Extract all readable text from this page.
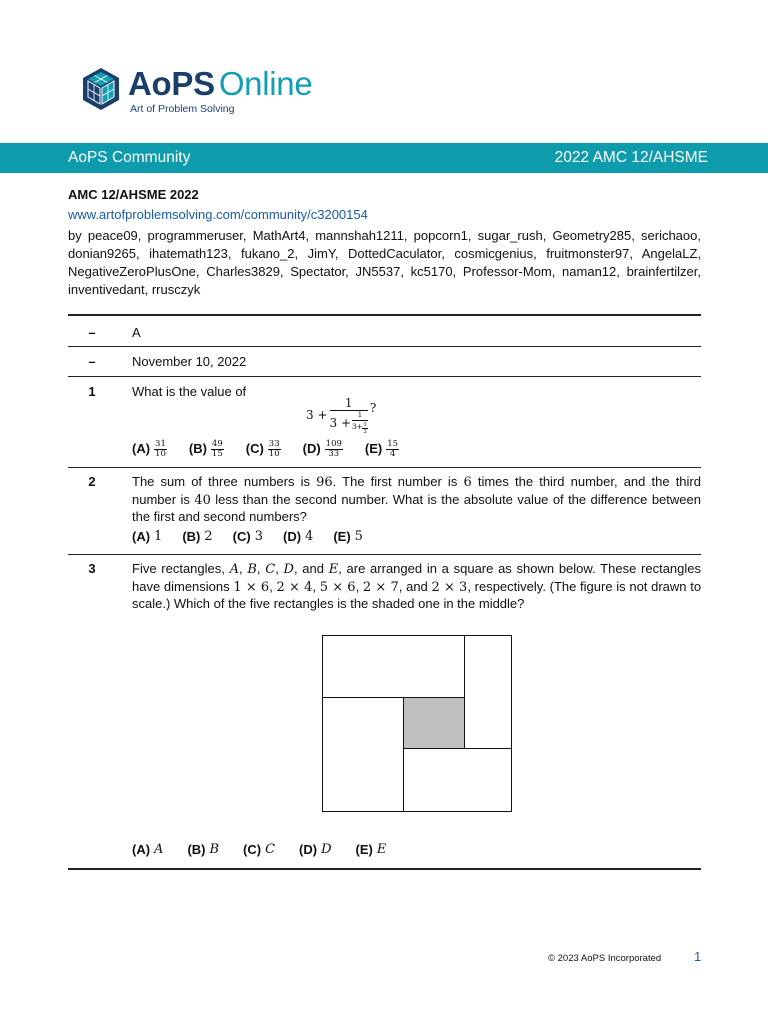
AoPS Online
Art of Problem Solving
AoPS Community	2022 AMC 12/AHSME
AMC 12/AHSME 2022
www.artofproblemsolving.com/community/c3200154
by peace09, programmeruser, MathArt4, mannshah1211, popcorn1, sugar_rush, Geometry285, serichaoo, donian9265, ihatemath123, fukano_2, JimY, DottedCaculator, cosmicgenius, fruitmonster97, AngelaLZ, NegativeZeroPlusOne, Charles3829, Spectator, JN5537, kc5170, Professor-Mom, naman12, brainfertilzer, inventivedant, rrusczyk
–	A
–	November 10, 2022
1	What is the value of
$3 + \frac{1}{3 + \frac{1}{3+ \frac{1}{3}}}$ ?
$(A) \frac{31}{10} (B) \frac{49}{15} (C) \frac{33}{10} (D) \frac{109}{33} (E) \frac{15}{4}$
2	The sum of three numbers is 96. The first number is 6 times the third number, and the third number is 40 less than the second number. What is the absolute value of the difference between the first and second numbers?
(A) 1 (B) 2 (C) 3 (D) 4 (E) 5
3	Five rectangles, A, B, C, D, and E, are arranged in a square as shown below. These rectangles have dimensions 1 × 6, 2 × 4, 5 × 6, 2 × 7, and 2 × 3, respectively. (The figure is not drawn to scale.) Which of the five rectangles is the shaded one in the middle?
(A) A (B) B (C) C (D) D (E) E
© 2023 AoPS Incorporated	1
